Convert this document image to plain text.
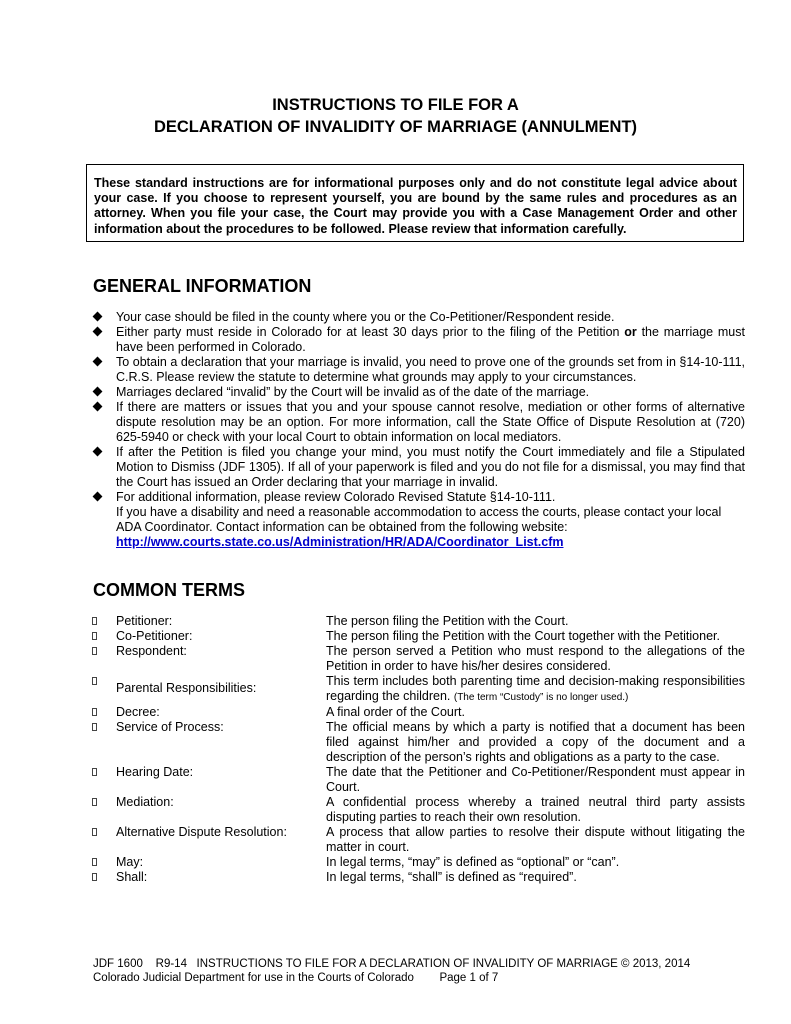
INSTRUCTIONS TO FILE FOR A
DECLARATION OF INVALIDITY OF MARRIAGE (ANNULMENT)

These standard instructions are for informational purposes only and do not constitute legal advice about your case. If you choose to represent yourself, you are bound by the same rules and procedures as an attorney. When you file your case, the Court may provide you with a Case Management Order and other information about the procedures to be followed. Please review that information carefully.

GENERAL INFORMATION
Your case should be filed in the county where you or the Co-Petitioner/Respondent reside.
Either party must reside in Colorado for at least 30 days prior to the filing of the Petition or the marriage must have been performed in Colorado.
To obtain a declaration that your marriage is invalid, you need to prove one of the grounds set from in §14-10-111, C.R.S. Please review the statute to determine what grounds may apply to your circumstances.
Marriages declared “invalid” by the Court will be invalid as of the date of the marriage.
If there are matters or issues that you and your spouse cannot resolve, mediation or other forms of alternative dispute resolution may be an option. For more information, call the State Office of Dispute Resolution at (720) 625-5940 or check with your local Court to obtain information on local mediators.
If after the Petition is filed you change your mind, you must notify the Court immediately and file a Stipulated Motion to Dismiss (JDF 1305). If all of your paperwork is filed and you do not file for a dismissal, you may find that the Court has issued an Order declaring that your marriage in invalid.
For additional information, please review Colorado Revised Statute §14-10-111.
If you have a disability and need a reasonable accommodation to access the courts, please contact your local ADA Coordinator. Contact information can be obtained from the following website:
http://www.courts.state.co.us/Administration/HR/ADA/Coordinator_List.cfm
COMMON TERMS
Petitioner:	The person filing the Petition with the Court.
Co-Petitioner:	The person filing the Petition with the Court together with the Petitioner.
Respondent:	The person served a Petition who must respond to the allegations of the Petition in order to have his/her desires considered.
Parental Responsibilities:	This term includes both parenting time and decision-making responsibilities regarding the children. (The term “Custody” is no longer used.)
Decree:	A final order of the Court.
Service of Process:	The official means by which a party is notified that a document has been filed against him/her and provided a copy of the document and a description of the person’s rights and obligations as a party to the case.
Hearing Date:	The date that the Petitioner and Co-Petitioner/Respondent must appear in Court.
Mediation:	A confidential process whereby a trained neutral third party assists disputing parties to reach their own resolution.
Alternative Dispute Resolution:	A process that allow parties to resolve their dispute without litigating the matter in court.
May:	In legal terms, “may” is defined as “optional” or “can”.
Shall:	In legal terms, “shall” is defined as “required”.
JDF 1600    R9-14   INSTRUCTIONS TO FILE FOR A DECLARATION OF INVALIDITY OF MARRIAGE © 2013, 2014
Colorado Judicial Department for use in the Courts of Colorado        Page 1 of 7
